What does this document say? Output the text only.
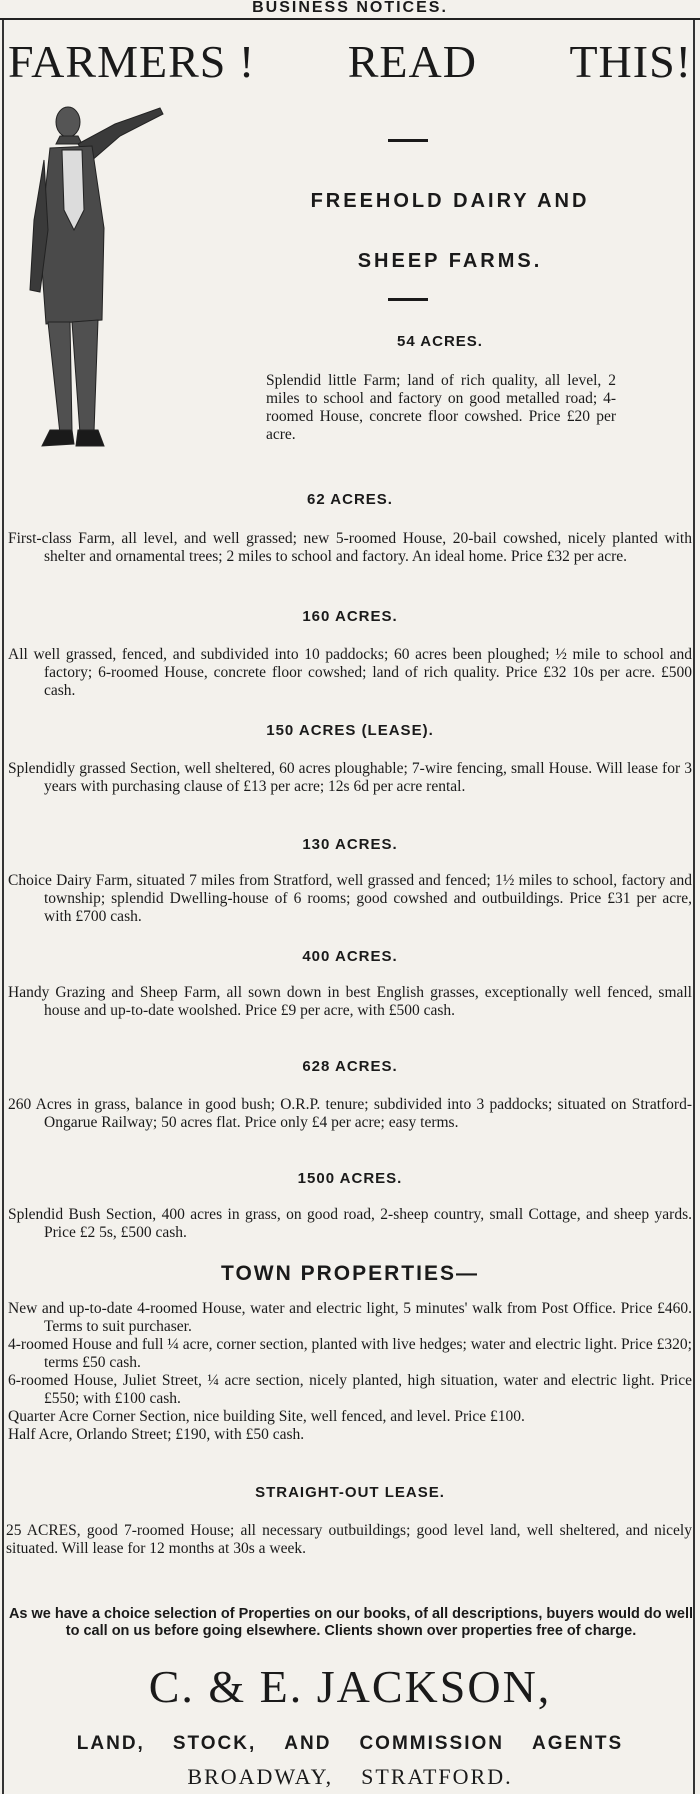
BUSINESS NOTICES.
FARMERS ! READ THIS!
FREEHOLD DAIRY AND
SHEEP FARMS.
54 ACRES.
Splendid little Farm; land of rich quality, all level, 2 miles to school and factory on good metalled road; 4-roomed House, concrete floor cowshed. Price £20 per acre.
62 ACRES.
First-class Farm, all level, and well grassed; new 5-roomed House, 20-bail cowshed, nicely planted with shelter and ornamental trees; 2 miles to school and factory. An ideal home. Price £32 per acre.
160 ACRES.
All well grassed, fenced, and subdivided into 10 paddocks; 60 acres been ploughed; ½ mile to school and factory; 6-roomed House, concrete floor cowshed; land of rich quality. Price £32 10s per acre. £500 cash.
150 ACRES (LEASE).
Splendidly grassed Section, well sheltered, 60 acres ploughable; 7-wire fencing, small House. Will lease for 3 years with purchasing clause of £13 per acre; 12s 6d per acre rental.
130 ACRES.
Choice Dairy Farm, situated 7 miles from Stratford, well grassed and fenced; 1½ miles to school, factory and township; splendid Dwelling-house of 6 rooms; good cowshed and outbuildings. Price £31 per acre, with £700 cash.
400 ACRES.
Handy Grazing and Sheep Farm, all sown down in best English grasses, exceptionally well fenced, small house and up-to-date woolshed. Price £9 per acre, with £500 cash.
628 ACRES.
260 Acres in grass, balance in good bush; O.R.P. tenure; subdivided into 3 paddocks; situated on Stratford-Ongarue Railway; 50 acres flat. Price only £4 per acre; easy terms.
1500 ACRES.
Splendid Bush Section, 400 acres in grass, on good road, 2-sheep country, small Cottage, and sheep yards. Price £2 5s, £500 cash.
TOWN PROPERTIES—
New and up-to-date 4-roomed House, water and electric light, 5 minutes' walk from Post Office. Price £460. Terms to suit purchaser.
4-roomed House and full ¼ acre, corner section, planted with live hedges; water and electric light. Price £320; terms £50 cash.
6-roomed House, Juliet Street, ¼ acre section, nicely planted, high situation, water and electric light. Price £550; with £100 cash.
Quarter Acre Corner Section, nice building Site, well fenced, and level. Price £100.
Half Acre, Orlando Street; £190, with £50 cash.
STRAIGHT-OUT LEASE.
25 ACRES, good 7-roomed House; all necessary outbuildings; good level land, well sheltered, and nicely situated. Will lease for 12 months at 30s a week.
As we have a choice selection of Properties on our books, of all descriptions, buyers would do well to call on us before going elsewhere. Clients shown over properties free of charge.
C. & E. JACKSON,
LAND, STOCK, AND COMMISSION AGENTS
BROADWAY, STRATFORD.
